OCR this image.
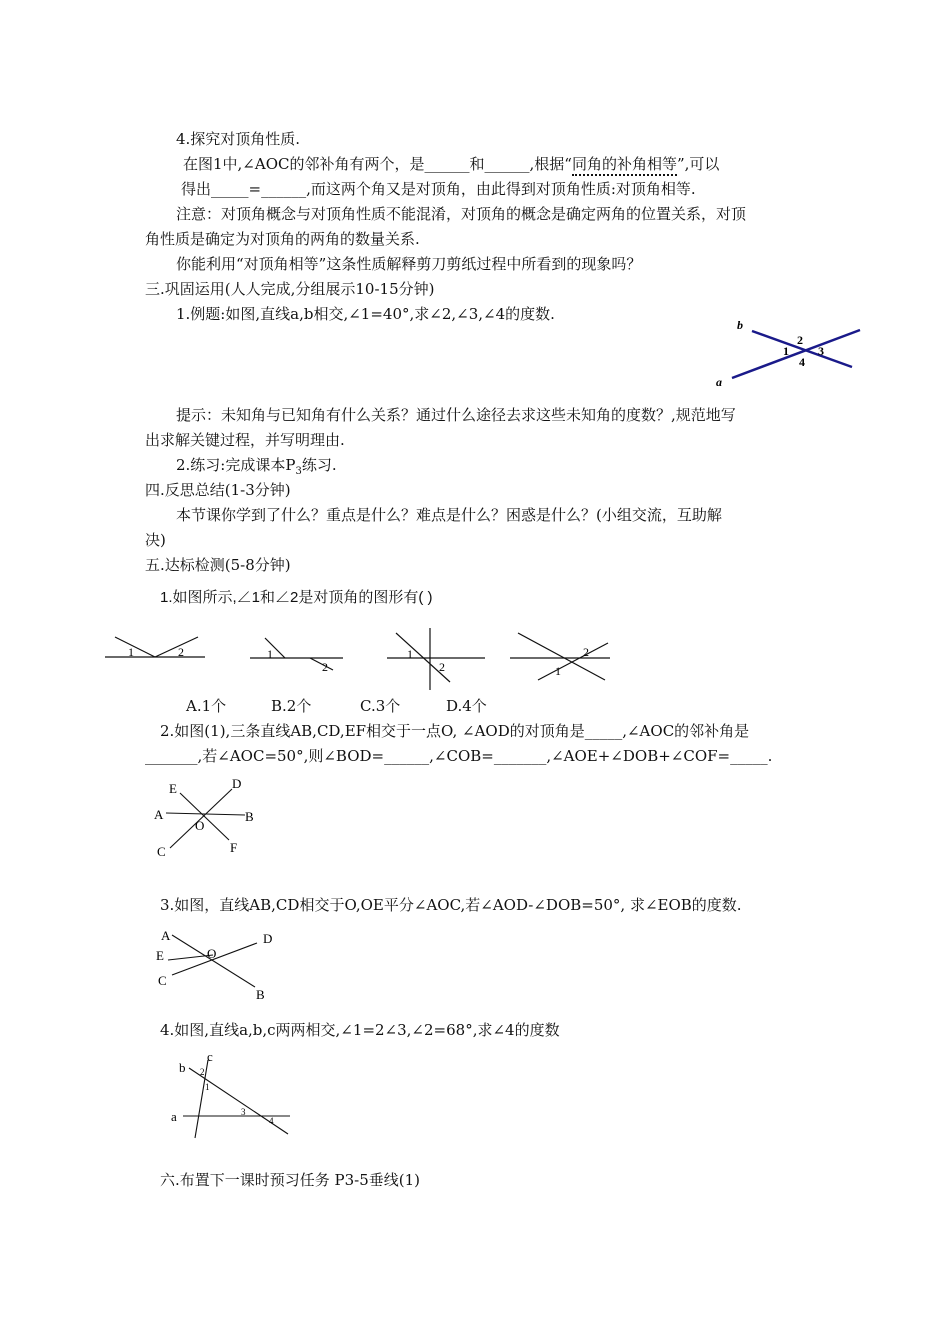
4.探究对顶角性质.
在图1中,∠AOC的邻补角有两个，是______和______,根据“同角的补角相等”,可以
得出_____=______,而这两个角又是对顶角，由此得到对顶角性质:对顶角相等.
注意：对顶角概念与对顶角性质不能混淆，对顶角的概念是确定两角的位置关系，对顶
角性质是确定为对顶角的两角的数量关系.
你能利用“对顶角相等”这条性质解释剪刀剪纸过程中所看到的现象吗？
三.巩固运用(人人完成,分组展示10-15分钟)
1.例题:如图,直线a,b相交,∠1=40°,求∠2,∠3,∠4的度数.
b
a
2
1 3
4
提示：未知角与已知角有什么关系？通过什么途径去求这些未知角的度数？,规范地写
出求解关键过程，并写明理由.
2.练习:完成课本$P_3$练习.
四.反思总结(1-3分钟)
本节课你学到了什么？重点是什么？难点是什么？困惑是什么？(小组交流，互助解
决)
五.达标检测(5-8分钟)
1.如图所示,∠1和∠2是对顶角的图形有( )
1	2	1
2
1
2
2
1
A.1个	B.2个	C.3个	D.4个
2.如图(1),三条直线AB,CD,EF相交于一点O, ∠AOD的对顶角是_____,∠AOC的邻补角是
_______,若∠AOC=50°,则∠BOD=______,∠COB=_______,∠AOE+∠DOB+∠COF=_____.
A	B
C
D
E
F
O
3.如图，直线AB,CD相交于O,OE平分∠AOC,若∠AOD-∠DOB=50°, 求∠EOB的度数.
A	D
E	O
C
B
4.如图,直线a,b,c两两相交,∠1=2∠3,∠2=68°,求∠4的度数
c
b
a
2
1
3
4
六.布置下一课时预习任务 P3-5垂线(1)
